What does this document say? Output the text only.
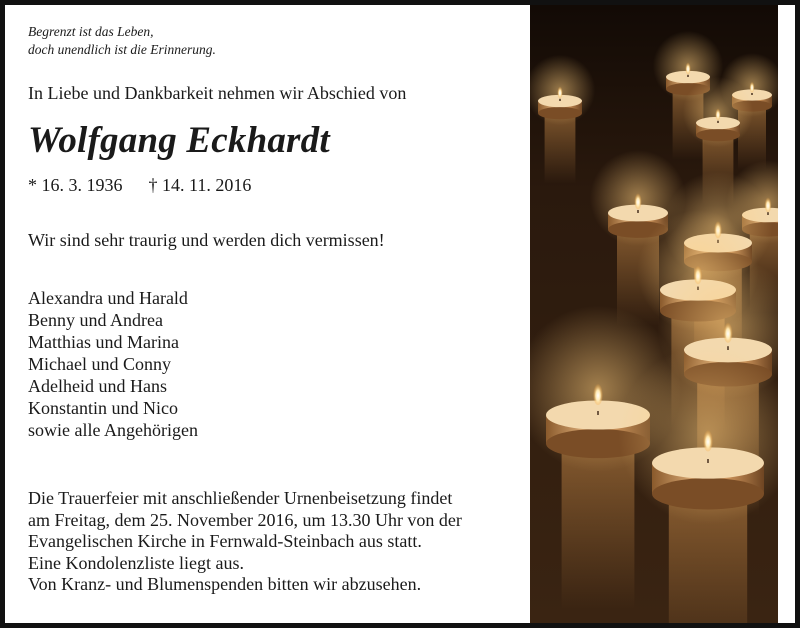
Begrenzt ist das Leben,
doch unendlich ist die Erinnerung.
In Liebe und Dankbarkeit nehmen wir Abschied von
Wolfgang Eckhardt
* 16. 3. 1936 † 14. 11. 2016
Wir sind sehr traurig und werden dich vermissen!
Alexandra und Harald
Benny und Andrea
Matthias und Marina
Michael und Conny
Adelheid und Hans
Konstantin und Nico
sowie alle Angehörigen
Die Trauerfeier mit anschließender Urnenbeisetzung findet
am Freitag, dem 25. November 2016, um 13.30 Uhr von der
Evangelischen Kirche in Fernwald-Steinbach aus statt.
Eine Kondolenzliste liegt aus.
Von Kranz- und Blumenspenden bitten wir abzusehen.
